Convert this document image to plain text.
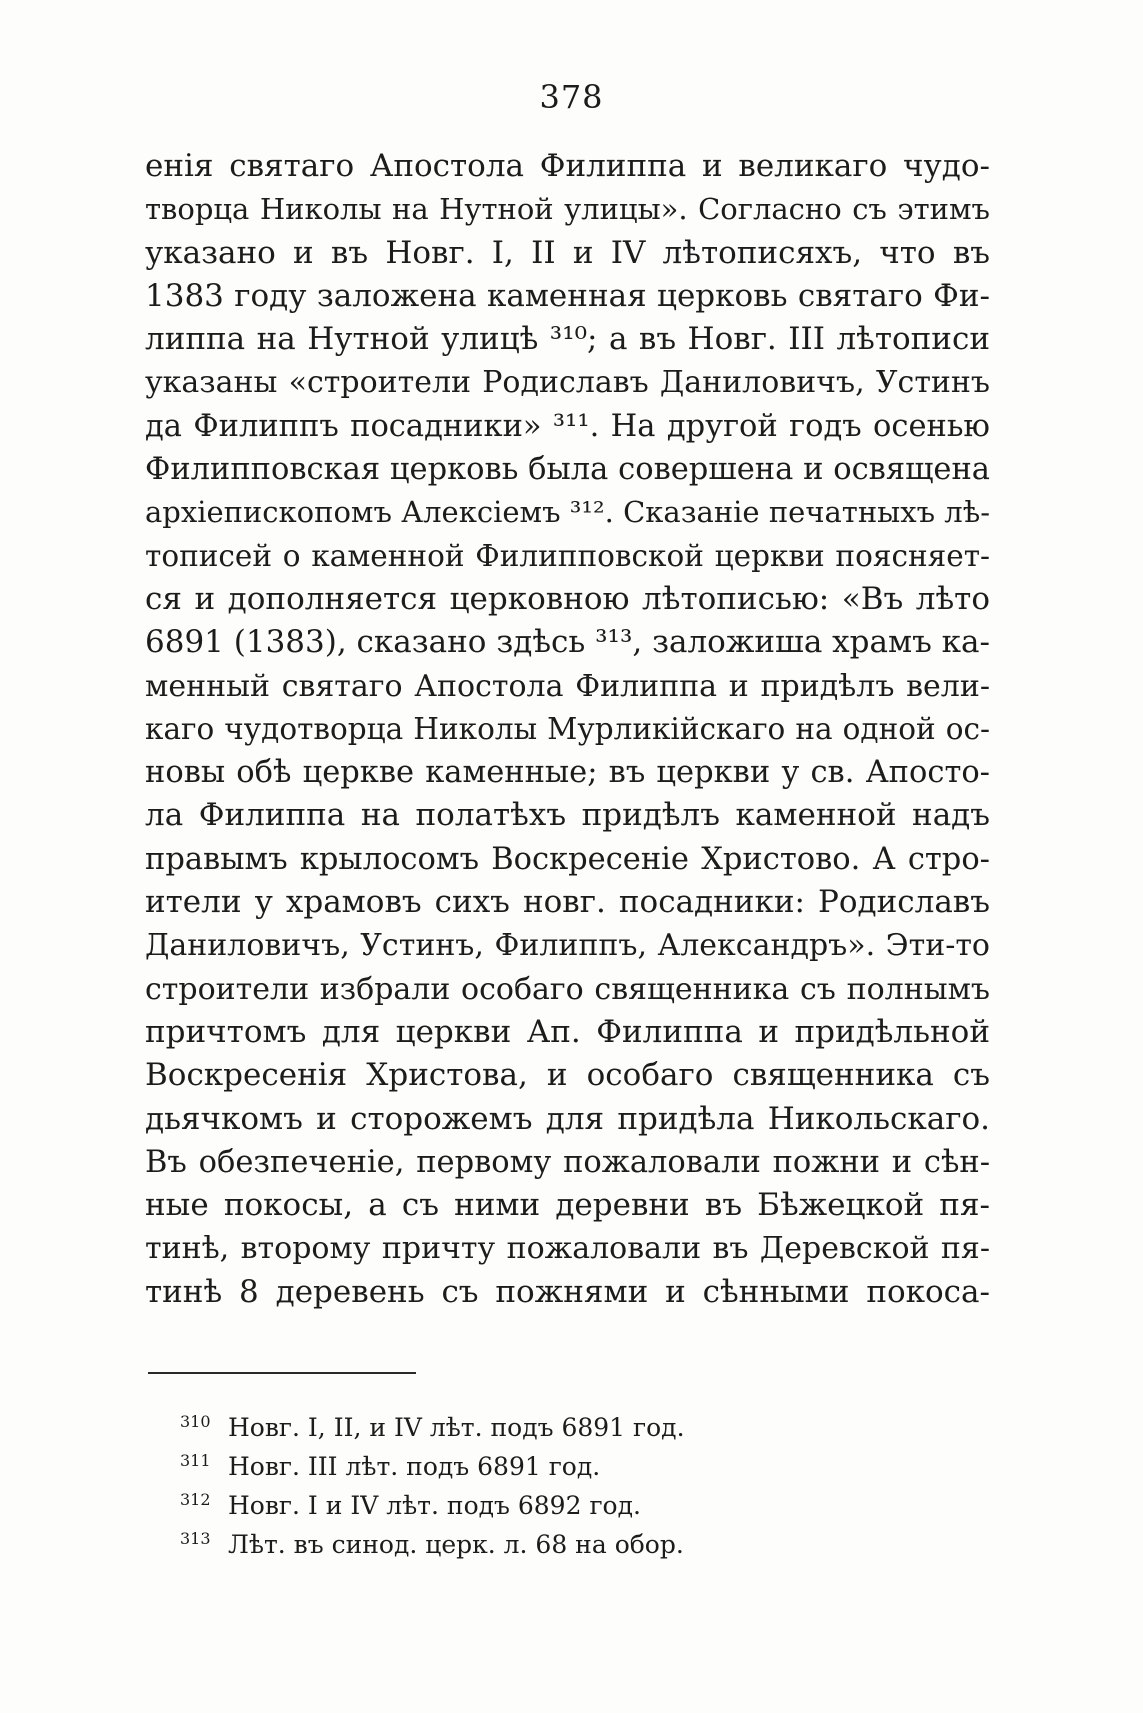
378
енія святаго Апостола Филиппа и великаго чудо-
творца Николы на Нутной улицы». Согласно съ этимъ
указано и въ Новг. I, II и IV лѣтописяхъ, что въ
1383 году заложена каменная церковь святаго Фи-
липпа на Нутной улицѣ ³¹⁰; а въ Новг. III лѣтописи
указаны «строители Родиславъ Даниловичъ, Устинъ
да Филиппъ посадники» ³¹¹. На другой годъ осенью
Филипповская церковь была совершена и освящена
архіепископомъ Алексіемъ ³¹². Сказаніе печатныхъ лѣ-
тописей о каменной Филипповской церкви поясняет-
ся и дополняется церковною лѣтописью: «Въ лѣто
6891 (1383), сказано здѣсь ³¹³, заложиша храмъ ка-
менный святаго Апостола Филиппа и придѣлъ вели-
каго чудотворца Николы Мурликійскаго на одной ос-
новы обѣ церкве каменные; въ церкви у св. Апосто-
ла Филиппа на полатѣхъ придѣлъ каменной надъ
правымъ крылосомъ Воскресеніе Христово. А стро-
ители у храмовъ сихъ новг. посадники: Родиславъ
Даниловичъ, Устинъ, Филиппъ, Александръ». Эти-то
строители избрали особаго священника съ полнымъ
причтомъ для церкви Ап. Филиппа и придѣльной
Воскресенія Христова, и особаго священника съ
дьячкомъ и сторожемъ для придѣла Никольскаго.
Въ обезпеченіе, первому пожаловали пожни и сѣн-
ные покосы, а съ ними деревни въ Бѣжецкой пя-
тинѣ, второму причту пожаловали въ Деревской пя-
тинѣ 8 деревень съ пожнями и сѣнными покоса-
310 Новг. I, II, и IV лѣт. подъ 6891 год.
311 Новг. III лѣт. подъ 6891 год.
312 Новг. I и IV лѣт. подъ 6892 год.
313 Лѣт. въ синод. церк. л. 68 на обор.
